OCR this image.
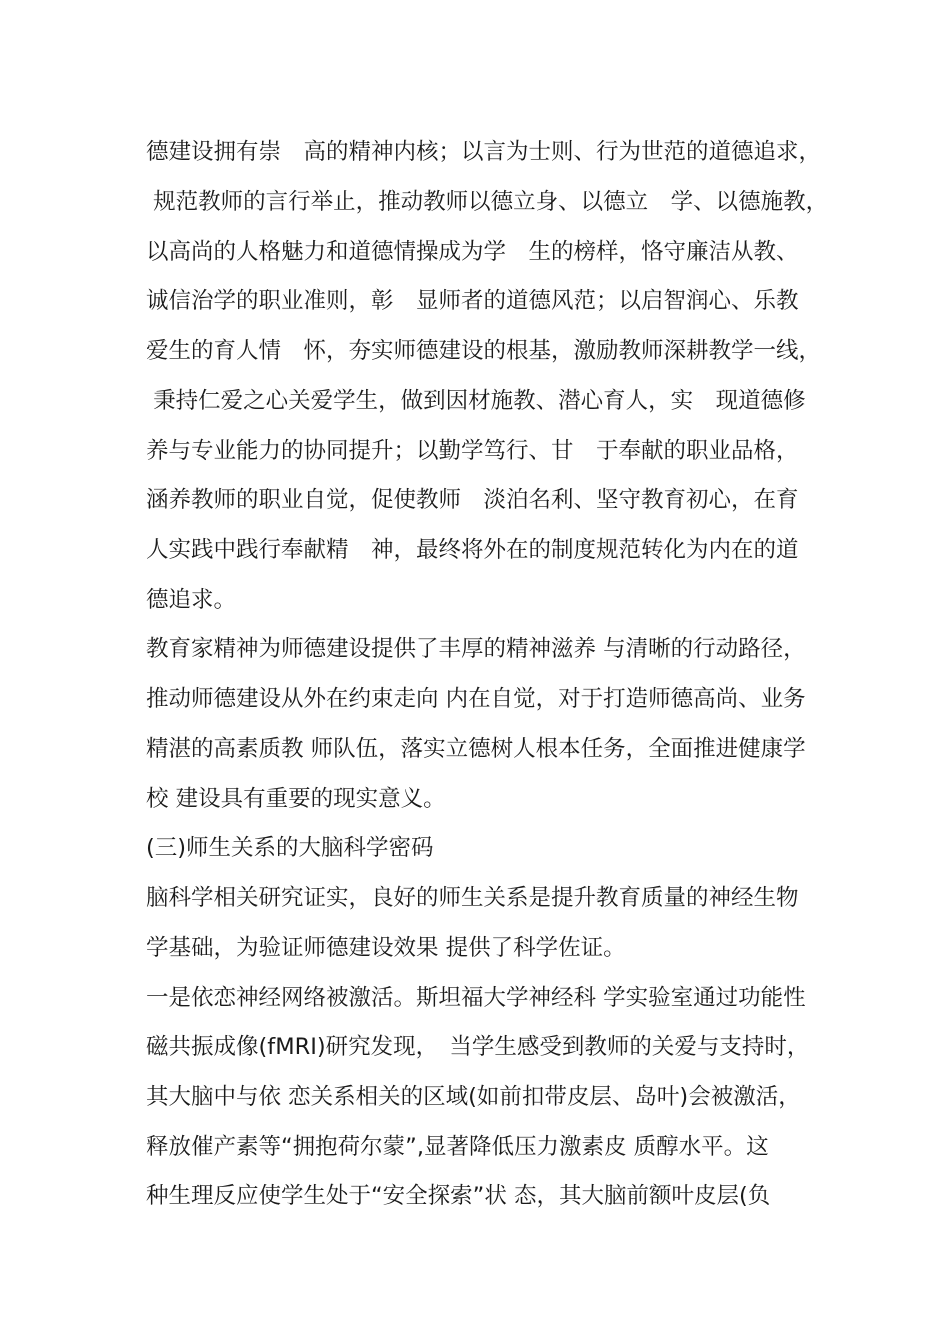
德建设拥有崇　高的精神内核；以言为士则、行为世范的道德追求，
规范教师的言行举止，推动教师以德立身、以德立　学、以德施教，
以高尚的人格魅力和道德情操成为学　生的榜样，恪守廉洁从教、
诚信治学的职业准则，彰　显师者的道德风范；以启智润心、乐教
爱生的育人情　怀，夯实师德建设的根基，激励教师深耕教学一线，
秉持仁爱之心关爱学生，做到因材施教、潜心育人，实　现道德修
养与专业能力的协同提升；以勤学笃行、甘　于奉献的职业品格，
涵养教师的职业自觉，促使教师　淡泊名利、坚守教育初心，在育
人实践中践行奉献精　神，最终将外在的制度规范转化为内在的道
德追求。
教育家精神为师德建设提供了丰厚的精神滋养 与清晰的行动路径，
推动师德建设从外在约束走向 内在自觉，对于打造师德高尚、业务
精湛的高素质教 师队伍，落实立德树人根本任务，全面推进健康学
校 建设具有重要的现实意义。
(三)师生关系的大脑科学密码
脑科学相关研究证实，良好的师生关系是提升教育质量的神经生物
学基础，为验证师德建设效果 提供了科学佐证。
一是依恋神经网络被激活。斯坦福大学神经科 学实验室通过功能性
磁共振成像(fMRI)研究发现，　当学生感受到教师的关爱与支持时，
其大脑中与依 恋关系相关的区域(如前扣带皮层、岛叶)会被激活，
释放催产素等“拥抱荷尔蒙”,显著降低压力激素皮 质醇水平。这
种生理反应使学生处于“安全探索”状 态，其大脑前额叶皮层(负
